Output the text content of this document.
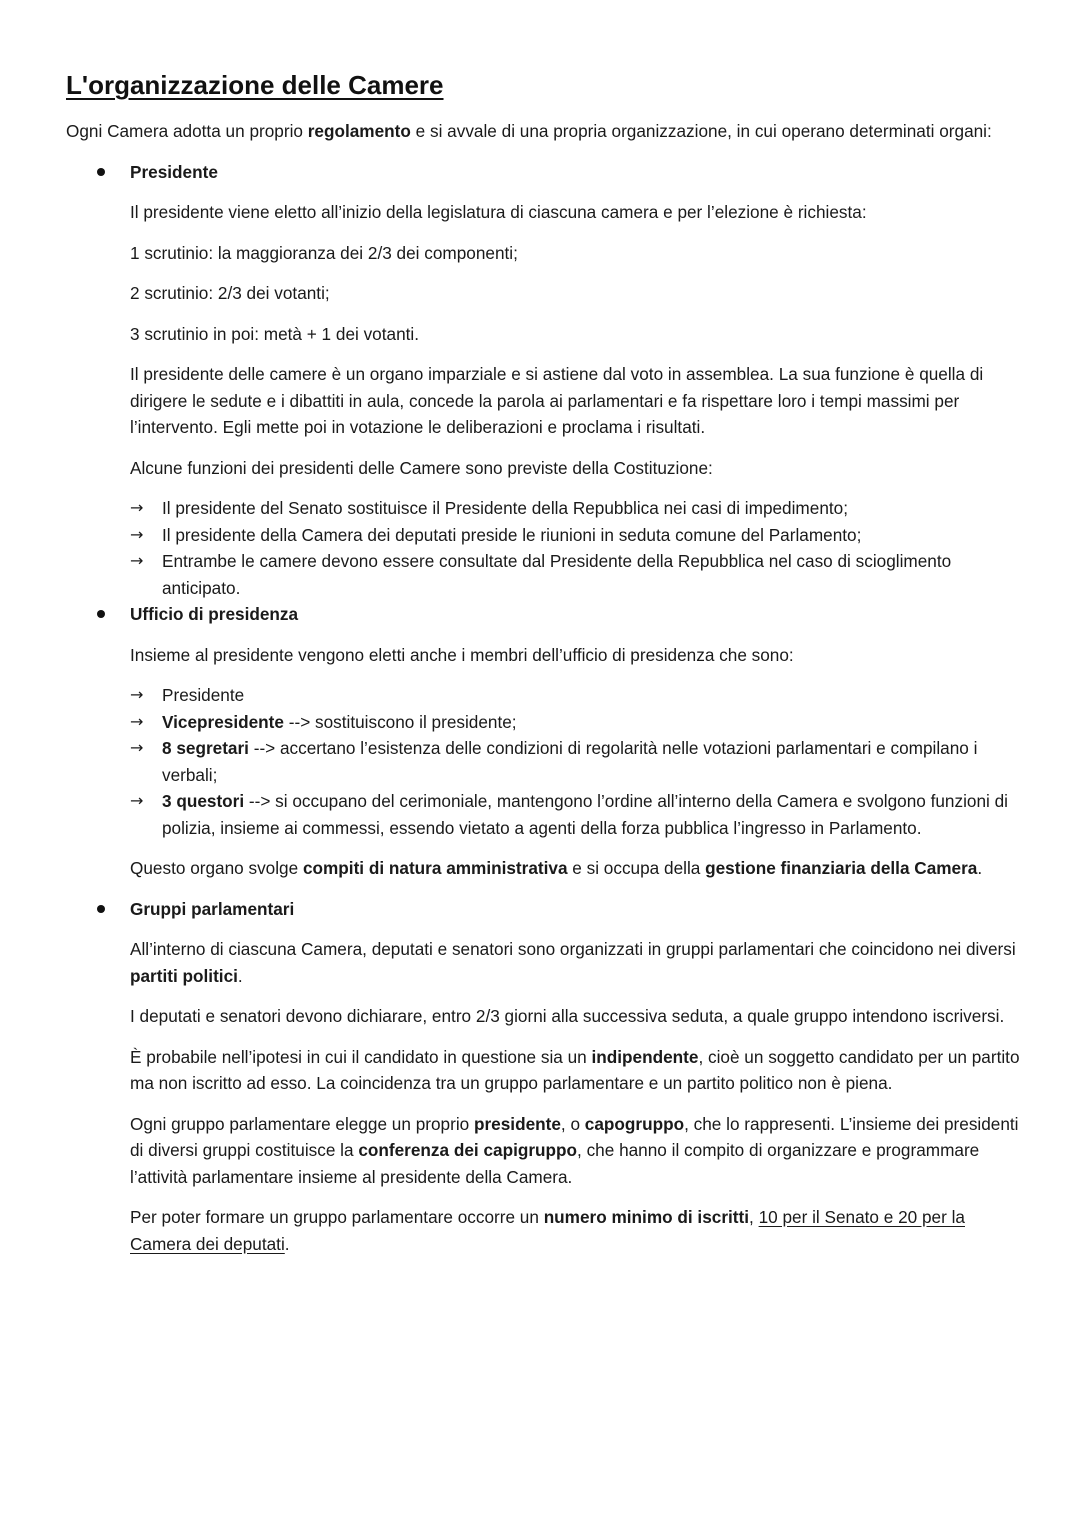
L'organizzazione delle Camere

Ogni Camera adotta un proprio regolamento e si avvale di una propria organizzazione, in cui operano determinati organi:

Presidente

Il presidente viene eletto all’inizio della legislatura di ciascuna camera e per l’elezione è richiesta:

1 scrutinio: la maggioranza dei 2/3 dei componenti;

2 scrutinio: 2/3 dei votanti;

3 scrutinio in poi: metà + 1 dei votanti.

Il presidente delle camere è un organo imparziale e si astiene dal voto in assemblea. La sua funzione è quella di dirigere le sedute e i dibattiti in aula, concede la parola ai parlamentari e fa rispettare loro i tempi massimi per l’intervento. Egli mette poi in votazione le deliberazioni e proclama i risultati.

Alcune funzioni dei presidenti delle Camere sono previste della Costituzione:

→	Il presidente del Senato sostituisce il Presidente della Repubblica nei casi di impedimento;
→	Il presidente della Camera dei deputati preside le riunioni in seduta comune del Parlamento;
→	Entrambe le camere devono essere consultate dal Presidente della Repubblica nel caso di scioglimento anticipato.
Ufficio di presidenza

Insieme al presidente vengono eletti anche i membri dell’ufficio di presidenza che sono:

→	Presidente
→	Vicepresidente --> sostituiscono il presidente;
→	8 segretari --> accertano l’esistenza delle condizioni di regolarità nelle votazioni parlamentari e compilano i verbali;
→	3 questori --> si occupano del cerimoniale, mantengono l’ordine all’interno della Camera e svolgono funzioni di polizia, insieme ai commessi, essendo vietato a agenti della forza pubblica l’ingresso in Parlamento.

Questo organo svolge compiti di natura amministrativa e si occupa della gestione finanziaria della Camera.

Gruppi parlamentari

All’interno di ciascuna Camera, deputati e senatori sono organizzati in gruppi parlamentari che coincidono nei diversi partiti politici.

I deputati e senatori devono dichiarare, entro 2/3 giorni alla successiva seduta, a quale gruppo intendono iscriversi.

È probabile nell’ipotesi in cui il candidato in questione sia un indipendente, cioè un soggetto candidato per un partito ma non iscritto ad esso. La coincidenza tra un gruppo parlamentare e un partito politico non è piena.

Ogni gruppo parlamentare elegge un proprio presidente, o capogruppo, che lo rappresenti. L’insieme dei presidenti di diversi gruppi costituisce la conferenza dei capigruppo, che hanno il compito di organizzare e programmare l’attività parlamentare insieme al presidente della Camera.

Per poter formare un gruppo parlamentare occorre un numero minimo di iscritti, 10 per il Senato e 20 per la Camera dei deputati.
